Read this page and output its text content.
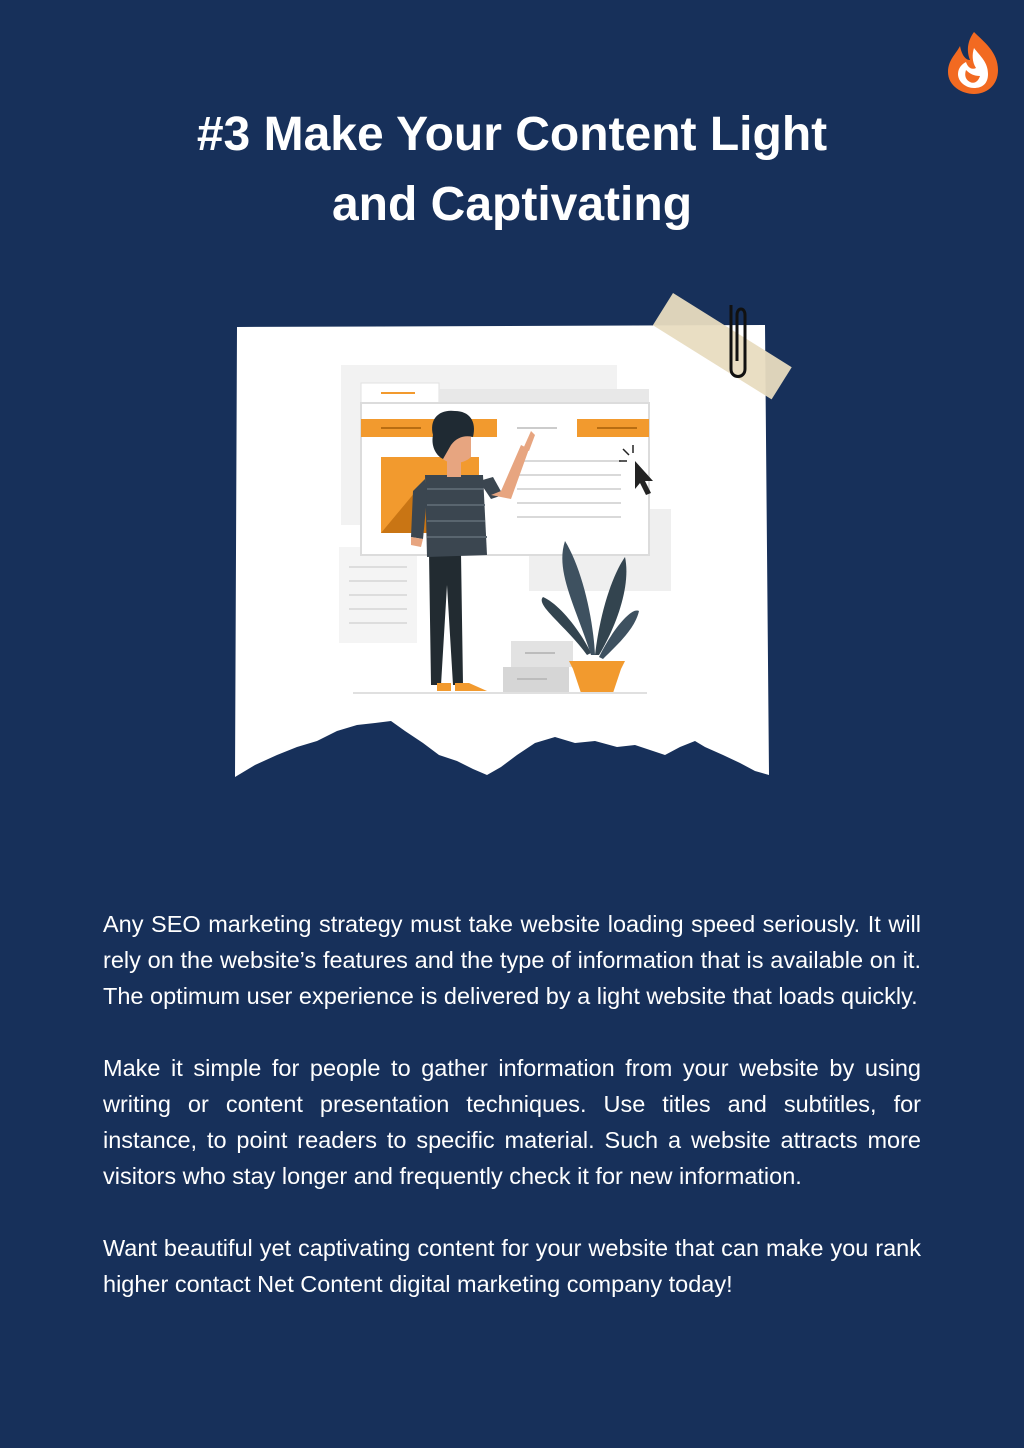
#3 Make Your Content Light
and Captivating

Any SEO marketing strategy must take website loading speed seriously. It will rely on the website’s features and the type of information that is available on it. The optimum user experience is delivered by a light website that loads quickly.

Make it simple for people to gather information from your website by using writing or content presentation techniques. Use titles and subtitles, for instance, to point readers to specific material. Such a website attracts more visitors who stay longer and frequently check it for new information.

Want beautiful yet captivating content for your website that can make you rank higher contact Net Content digital marketing company today!
